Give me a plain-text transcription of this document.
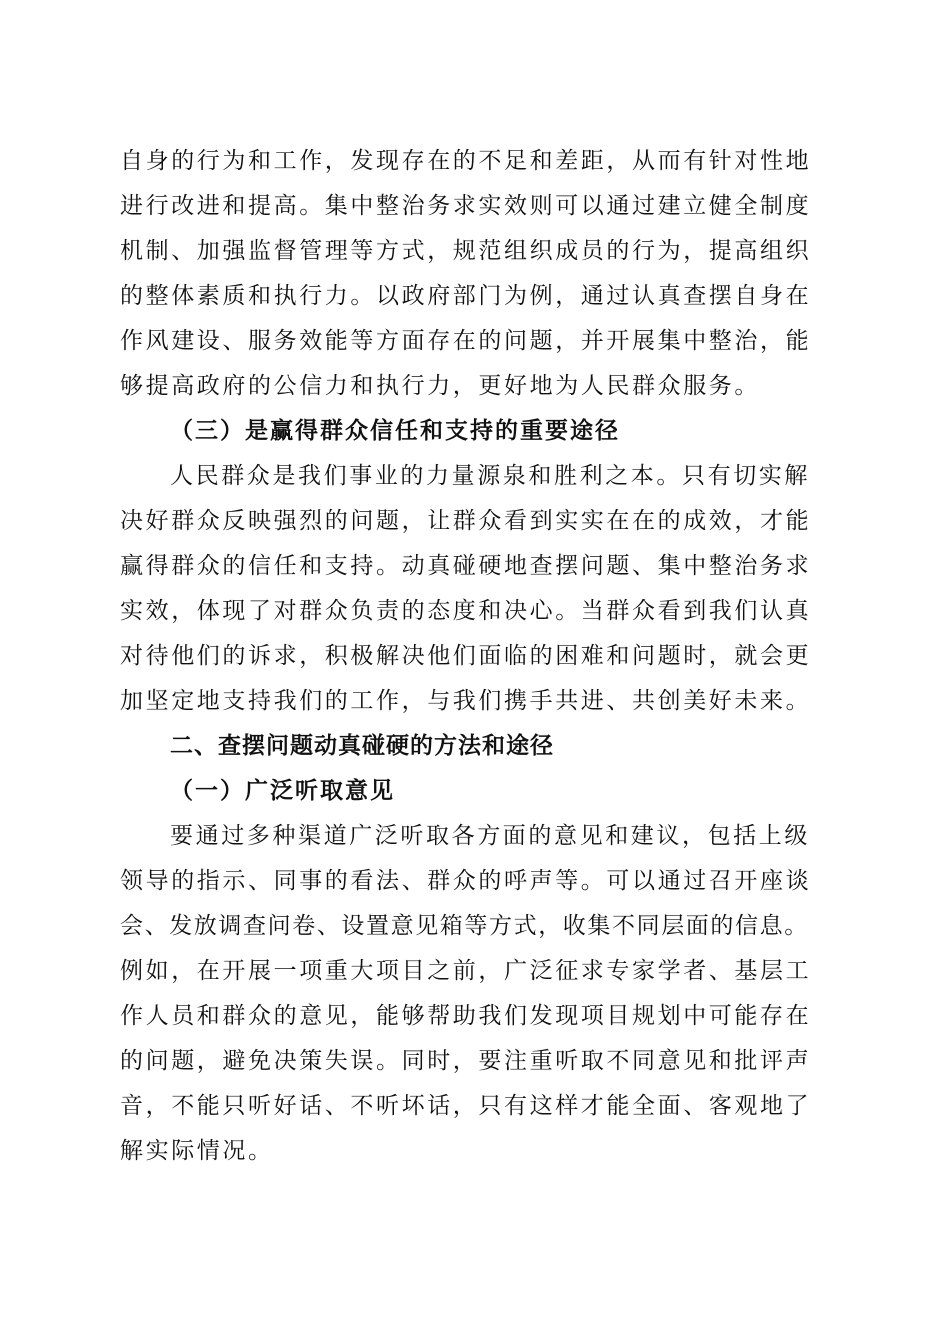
自身的行为和工作，发现存在的不足和差距，从而有针对性地
进行改进和提高。集中整治务求实效则可以通过建立健全制度
机制、加强监督管理等方式，规范组织成员的行为，提高组织
的整体素质和执行力。以政府部门为例，通过认真查摆自身在
作风建设、服务效能等方面存在的问题，并开展集中整治，能
够提高政府的公信力和执行力，更好地为人民群众服务。
（三）是赢得群众信任和支持的重要途径
人民群众是我们事业的力量源泉和胜利之本。只有切实解
决好群众反映强烈的问题，让群众看到实实在在的成效，才能
赢得群众的信任和支持。动真碰硬地查摆问题、集中整治务求
实效，体现了对群众负责的态度和决心。当群众看到我们认真
对待他们的诉求，积极解决他们面临的困难和问题时，就会更
加坚定地支持我们的工作，与我们携手共进、共创美好未来。
二、查摆问题动真碰硬的方法和途径
（一）广泛听取意见
要通过多种渠道广泛听取各方面的意见和建议，包括上级
领导的指示、同事的看法、群众的呼声等。可以通过召开座谈
会、发放调查问卷、设置意见箱等方式，收集不同层面的信息。
例如，在开展一项重大项目之前，广泛征求专家学者、基层工
作人员和群众的意见，能够帮助我们发现项目规划中可能存在
的问题，避免决策失误。同时，要注重听取不同意见和批评声
音，不能只听好话、不听坏话，只有这样才能全面、客观地了
解实际情况。
